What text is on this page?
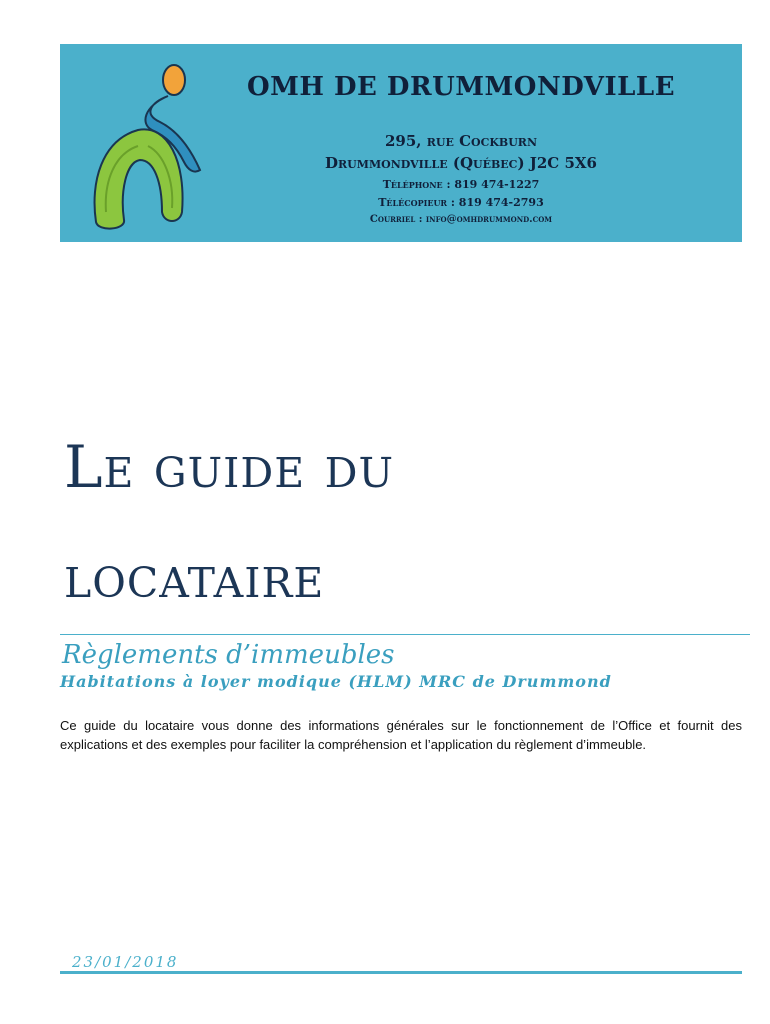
OMH DE DRUMMONDVILLE
295, rue Cockburn
Drummondville (Québec) J2C 5X6
Téléphone : 819 474-1227
Télécopieur : 819 474-2793
Courriel : info@omhdrummond.com
Le guide du
locataire
Règlements d’immeubles
Habitations à loyer modique (HLM) MRC de Drummond

Ce guide du locataire vous donne des informations générales sur le fonctionnement de l’Office et fournit des explications et des exemples pour faciliter la compréhension et l’application du règlement d’immeuble.

23/01/2018
